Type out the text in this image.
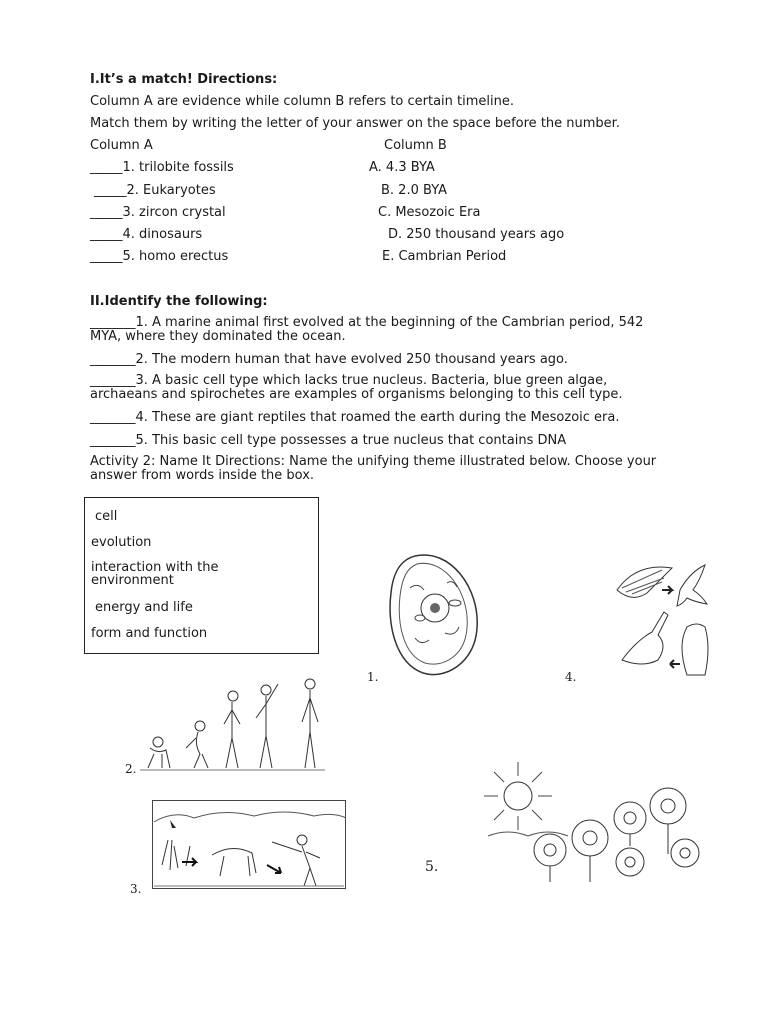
I.It’s a match! Directions:
Column A are evidence while column B refers to certain timeline.
Match them by writing the letter of your answer on the space before the number.
Column A	Column B
_____1. trilobite fossils
_____2. Eukaryotes
_____3. zircon crystal
_____4. dinosaurs
_____5. homo erectus
A. 4.3 BYA
B. 2.0 BYA
C. Mesozoic Era
D. 250 thousand years ago
E. Cambrian Period
II.Identify the following:
_______1. A marine animal first evolved at the beginning of the Cambrian period, 542 MYA, where they dominated the ocean.
_______2. The modern human that have evolved 250 thousand years ago.
_______3. A basic cell type which lacks true nucleus. Bacteria, blue green algae, archaeans and spirochetes are examples of organisms belonging to this cell type.
_______4. These are giant reptiles that roamed the earth during the Mesozoic era.
_______5. This basic cell type possesses a true nucleus that contains DNA
Activity 2: Name It Directions: Name the unifying theme illustrated below. Choose your answer from words inside the box.
cell
evolution
interaction with the environment
energy and life
form and function
1.	4.
2.
3.
5.
